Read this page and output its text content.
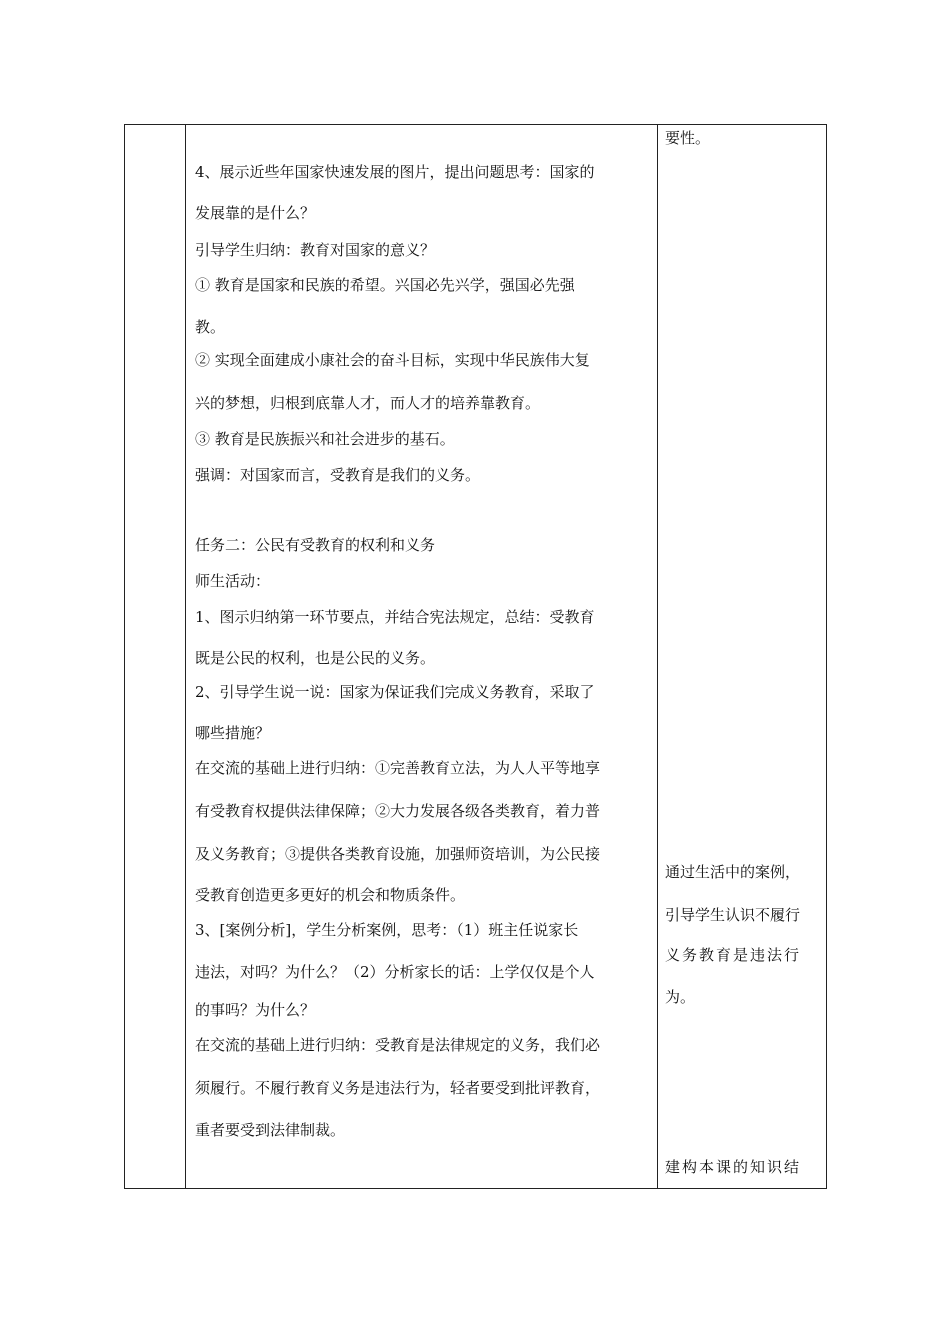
4、展示近些年国家快速发展的图片，提出问题思考：国家的
发展靠的是什么？
引导学生归纳：教育对国家的意义？
① 教育是国家和民族的希望。兴国必先兴学，强国必先强
教。
② 实现全面建成小康社会的奋斗目标，实现中华民族伟大复
兴的梦想，归根到底靠人才，而人才的培养靠教育。
③ 教育是民族振兴和社会进步的基石。
强调：对国家而言，受教育是我们的义务。
任务二：公民有受教育的权利和义务
师生活动：
1、图示归纳第一环节要点，并结合宪法规定，总结：受教育
既是公民的权利，也是公民的义务。
2、引导学生说一说：国家为保证我们完成义务教育，采取了
哪些措施？
在交流的基础上进行归纳：①完善教育立法，为人人平等地享
有受教育权提供法律保障；②大力发展各级各类教育，着力普
及义务教育；③提供各类教育设施，加强师资培训，为公民接
受教育创造更多更好的机会和物质条件。
3、[案例分析]，学生分析案例，思考：（1）班主任说家长
违法，对吗？为什么？（2）分析家长的话：上学仅仅是个人
的事吗？为什么？
在交流的基础上进行归纳：受教育是法律规定的义务，我们必
须履行。不履行教育义务是违法行为，轻者要受到批评教育，
重者要受到法律制裁。
要性。
通过生活中的案例，
引导学生认识不履行
义务教育是违法行
为。
建构本课的知识结
